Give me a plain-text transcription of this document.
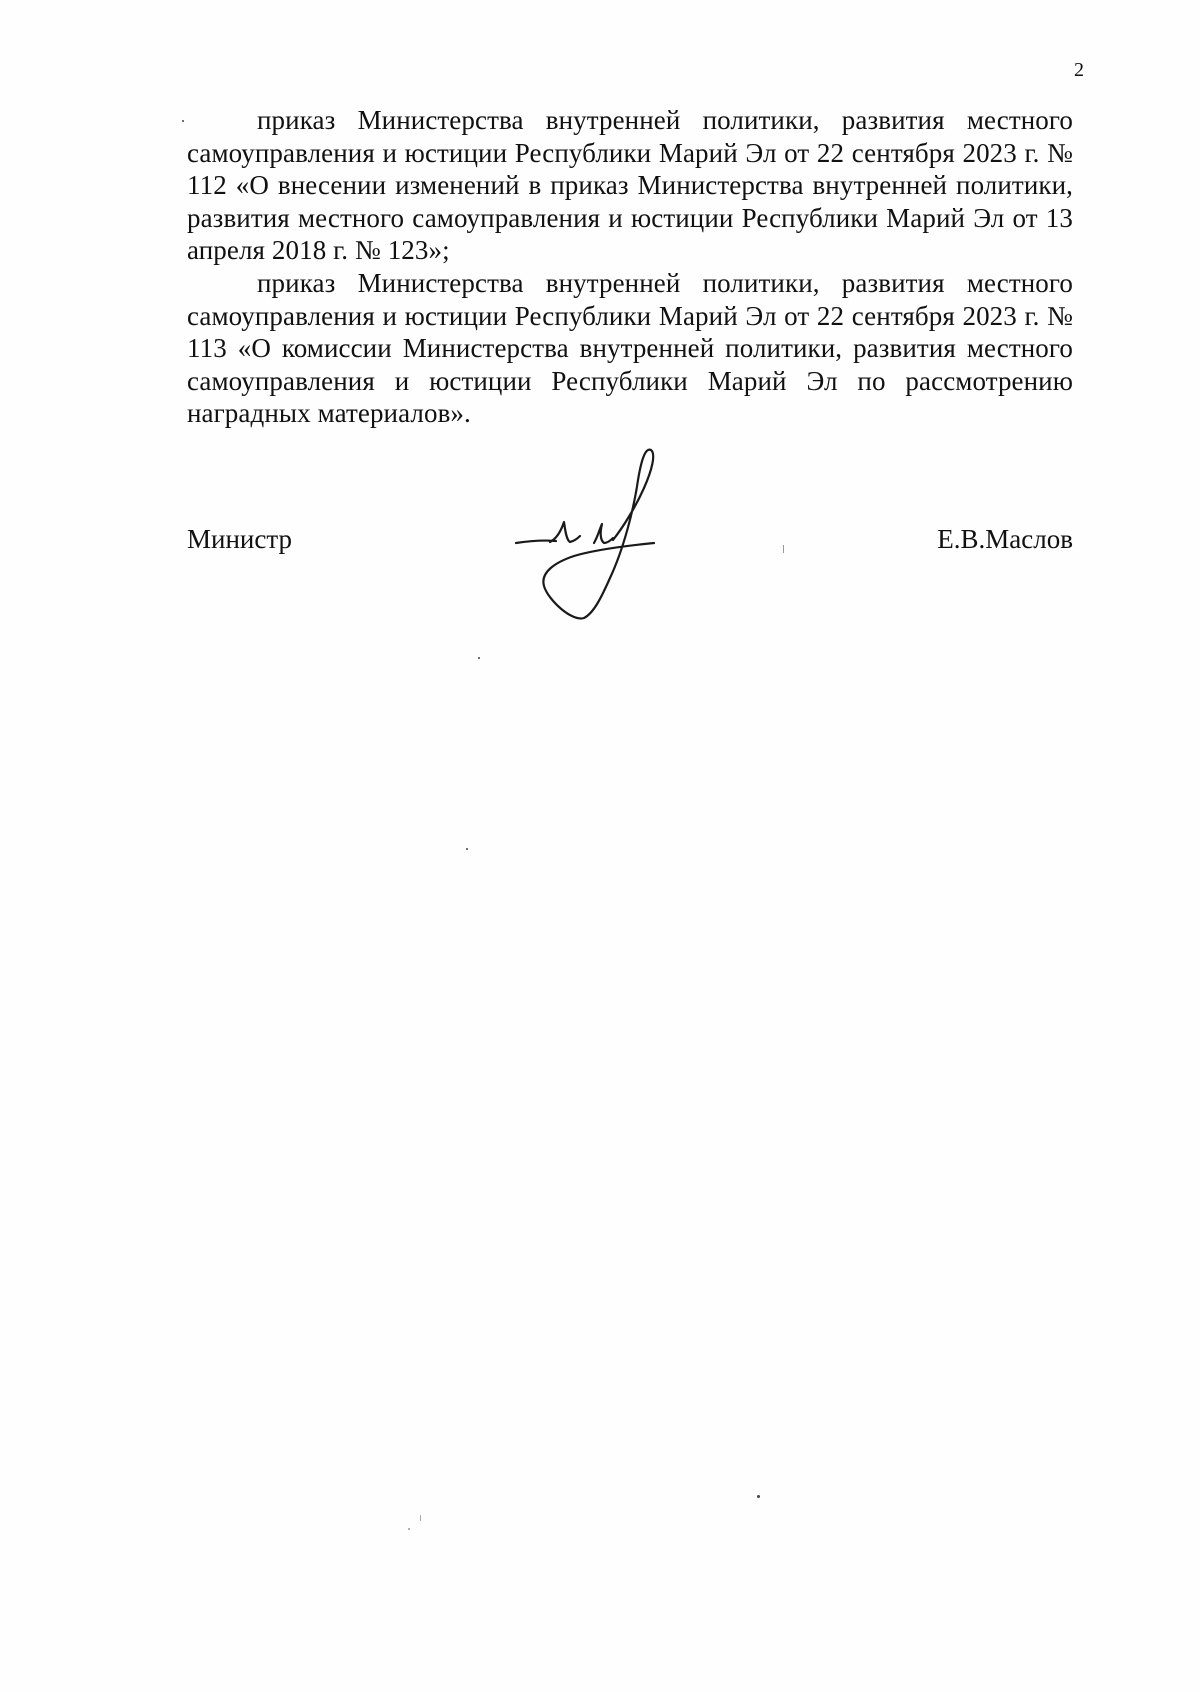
2

приказ Министерства внутренней политики, развития местного самоуправления и юстиции Республики Марий Эл от 22 сентября 2023 г. № 112 «О внесении изменений в приказ Министерства внутренней политики, развития местного самоуправления и юстиции Республики Марий Эл от 13 апреля 2018 г. № 123»;

приказ Министерства внутренней политики, развития местного самоуправления и юстиции Республики Марий Эл от 22 сентября 2023 г. № 113 «О комиссии Министерства внутренней политики, развития местного самоуправления и юстиции Республики Марий Эл по рассмотрению наградных материалов».

Министр	Е.В.Маслов
